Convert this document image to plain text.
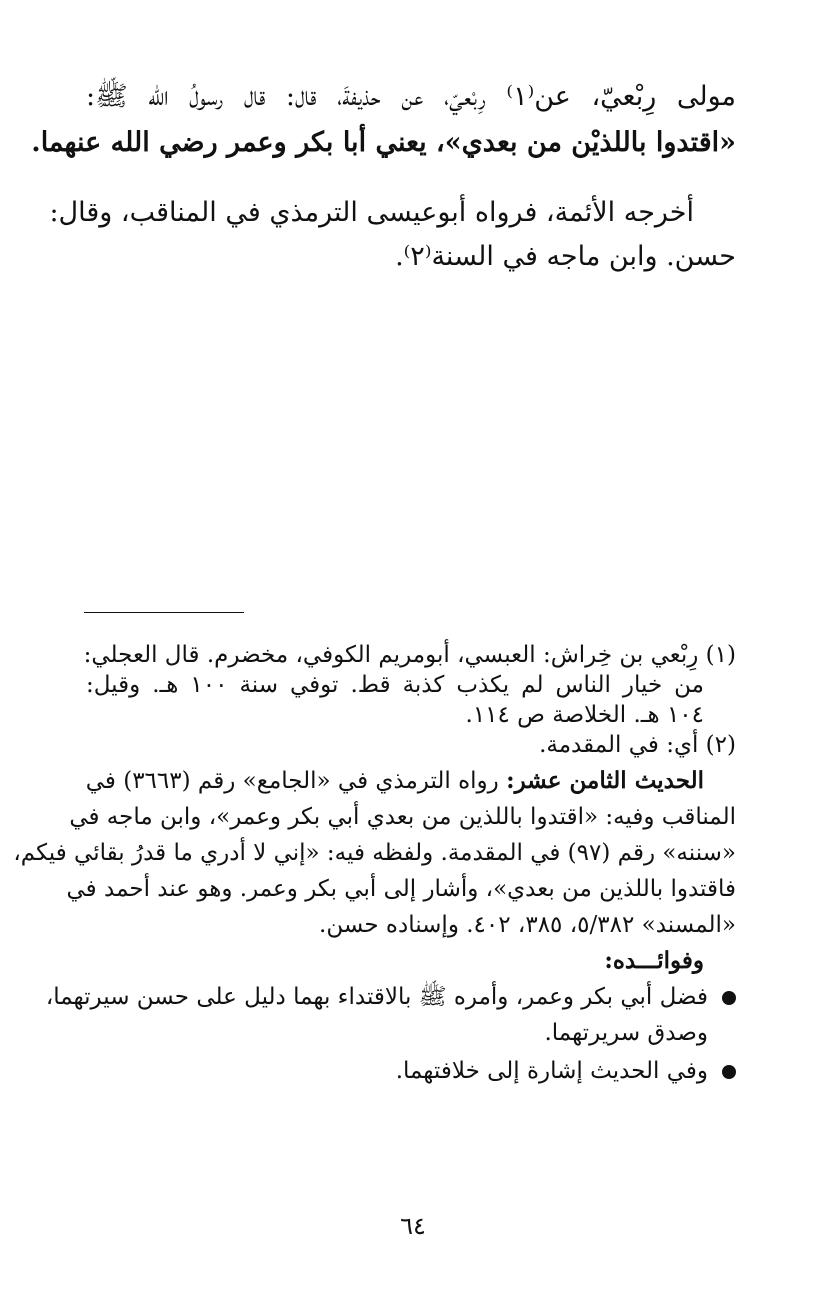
مولى رِبْعيّ، عن⁽١⁾ رِبْعيّ، عن حذيفةَ، قال: قال رسولُ الله ﷺ:
«اقتدوا باللذيْن من بعدي»، يعني أبا بكر وعمر رضي الله عنهما.
أخرجه الأئمة، فرواه أبوعيسى الترمذي في المناقب، وقال:
حسن. وابن ماجه في السنة⁽٢⁾.
(١) رِبْعي بن خِراش: العبسي، أبومريم الكوفي، مخضرم. قال العجلي:
من خيار الناس لم يكذب كذبة قط. توفي سنة ١٠٠ هـ. وقيل:
١٠٤ هـ. الخلاصة ص ١١٤.
(٢) أي: في المقدمة.
الحديث الثامن عشر: رواه الترمذي في «الجامع» رقم (٣٦٦٣) في
المناقب وفيه: «اقتدوا باللذين من بعدي أبي بكر وعمر»، وابن ماجه في
«سننه» رقم (٩٧) في المقدمة. ولفظه فيه: «إني لا أدري ما قدرُ بقائي فيكم،
فاقتدوا باللذين من بعدي»، وأشار إلى أبي بكر وعمر. وهو عند أحمد في
«المسند» ٥/٣٨٢، ٣٨٥، ٤٠٢. وإسناده حسن.
وفوائـــده:
فضل أبي بكر وعمر، وأمره ﷺ بالاقتداء بهما دليل على حسن سيرتهما،
وصدق سريرتهما.
وفي الحديث إشارة إلى خلافتهما.
٦٤
